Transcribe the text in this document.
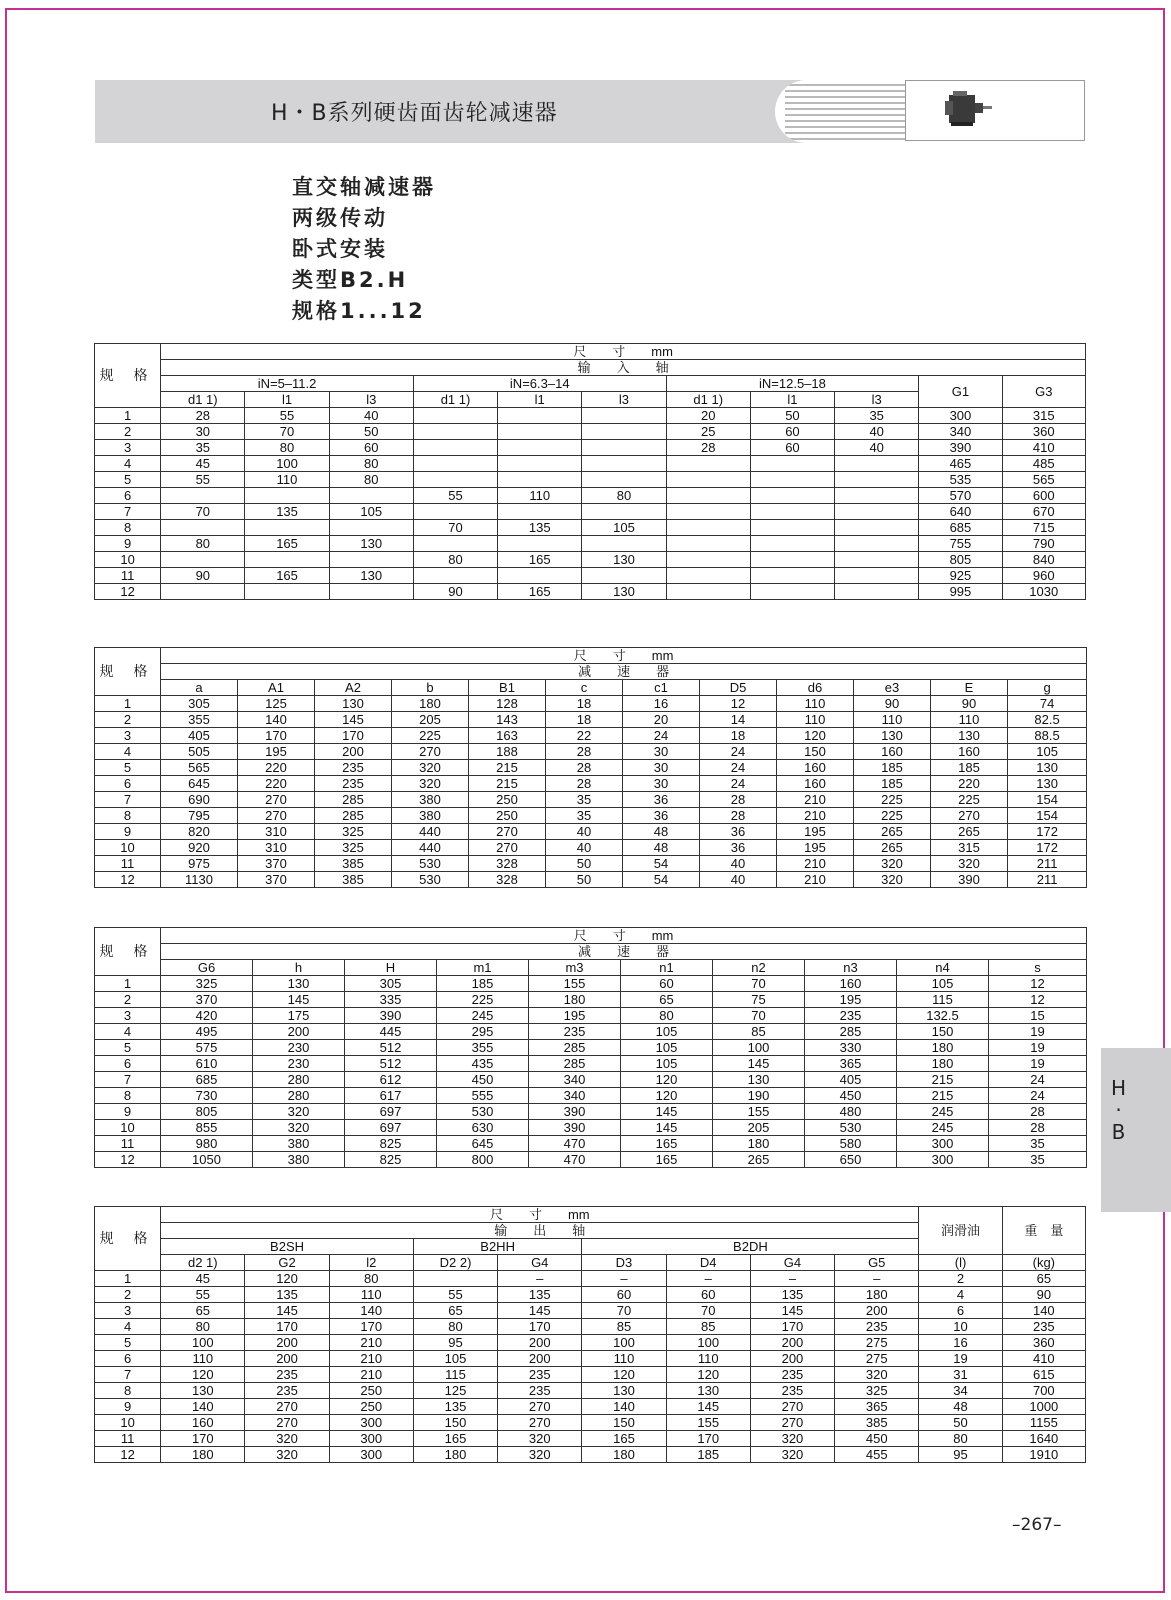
H・B系列硬齿面齿轮减速器
直交轴减速器
两级传动
卧式安装
类型B2.H
规格1...12
规 格	尺　　寸　　mm										
	输　　入　　轴										
	iN=5–11.2			iN=6.3–14			iN=12.5–18			G1	G3
	d1 1)	l1	l3	d1 1)	l1	l3	d1 1)	l1	l3		
1	28	55	40				20	50	35	300	315
2	30	70	50				25	60	40	340	360
3	35	80	60				28	60	40	390	410
4	45	100	80							465	485
5	55	110	80							535	565
6				55	110	80				570	600
7	70	135	105							640	670
8				70	135	105				685	715
9	80	165	130							755	790
10				80	165	130				805	840
11	90	165	130							925	960
12				90	165	130				995	1030
规 格	尺　　寸　　mm											
	减　　速　　器											
	a	A1	A2	b	B1	c	c1	D5	d6	e3	E	g
1	305	125	130	180	128	18	16	12	110	90	90	74
2	355	140	145	205	143	18	20	14	110	110	110	82.5
3	405	170	170	225	163	22	24	18	120	130	130	88.5
4	505	195	200	270	188	28	30	24	150	160	160	105
5	565	220	235	320	215	28	30	24	160	185	185	130
6	645	220	235	320	215	28	30	24	160	185	220	130
7	690	270	285	380	250	35	36	28	210	225	225	154
8	795	270	285	380	250	35	36	28	210	225	270	154
9	820	310	325	440	270	40	48	36	195	265	265	172
10	920	310	325	440	270	40	48	36	195	265	315	172
11	975	370	385	530	328	50	54	40	210	320	320	211
12	1130	370	385	530	328	50	54	40	210	320	390	211
规 格	尺　　寸　　mm									
	减　　速　　器									
	G6	h	H	m1	m3	n1	n2	n3	n4	s
1	325	130	305	185	155	60	70	160	105	12
2	370	145	335	225	180	65	75	195	115	12
3	420	175	390	245	195	80	70	235	132.5	15
4	495	200	445	295	235	105	85	285	150	19
5	575	230	512	355	285	105	100	330	180	19
6	610	230	512	435	285	105	145	365	180	19
7	685	280	612	450	340	120	130	405	215	24
8	730	280	617	555	340	120	190	450	215	24
9	805	320	697	530	390	145	155	480	245	28
10	855	320	697	630	390	145	205	530	245	28
11	980	380	825	645	470	165	180	580	300	35
12	1050	380	825	800	470	165	265	650	300	35
规 格	尺　　寸　　mm									润滑油	重　量
	输　　出　　轴										
	B2SH			B2HH		B2DH					
	d2 1)	G2	l2	D2 2)	G4	D3	D4	G4	G5	(l)	(kg)
1	45	120	80		–	–	–	–	–	2	65
2	55	135	110	55	135	60	60	135	180	4	90
3	65	145	140	65	145	70	70	145	200	6	140
4	80	170	170	80	170	85	85	170	235	10	235
5	100	200	210	95	200	100	100	200	275	16	360
6	110	200	210	105	200	110	110	200	275	19	410
7	120	235	210	115	235	120	120	235	320	31	615
8	130	235	250	125	235	130	130	235	325	34	700
9	140	270	250	135	270	140	145	270	365	48	1000
10	160	270	300	150	270	150	155	270	385	50	1155
11	170	320	300	165	320	165	170	320	450	80	1640
12	180	320	300	180	320	180	185	320	455	95	1910
H
·
B
–267–
